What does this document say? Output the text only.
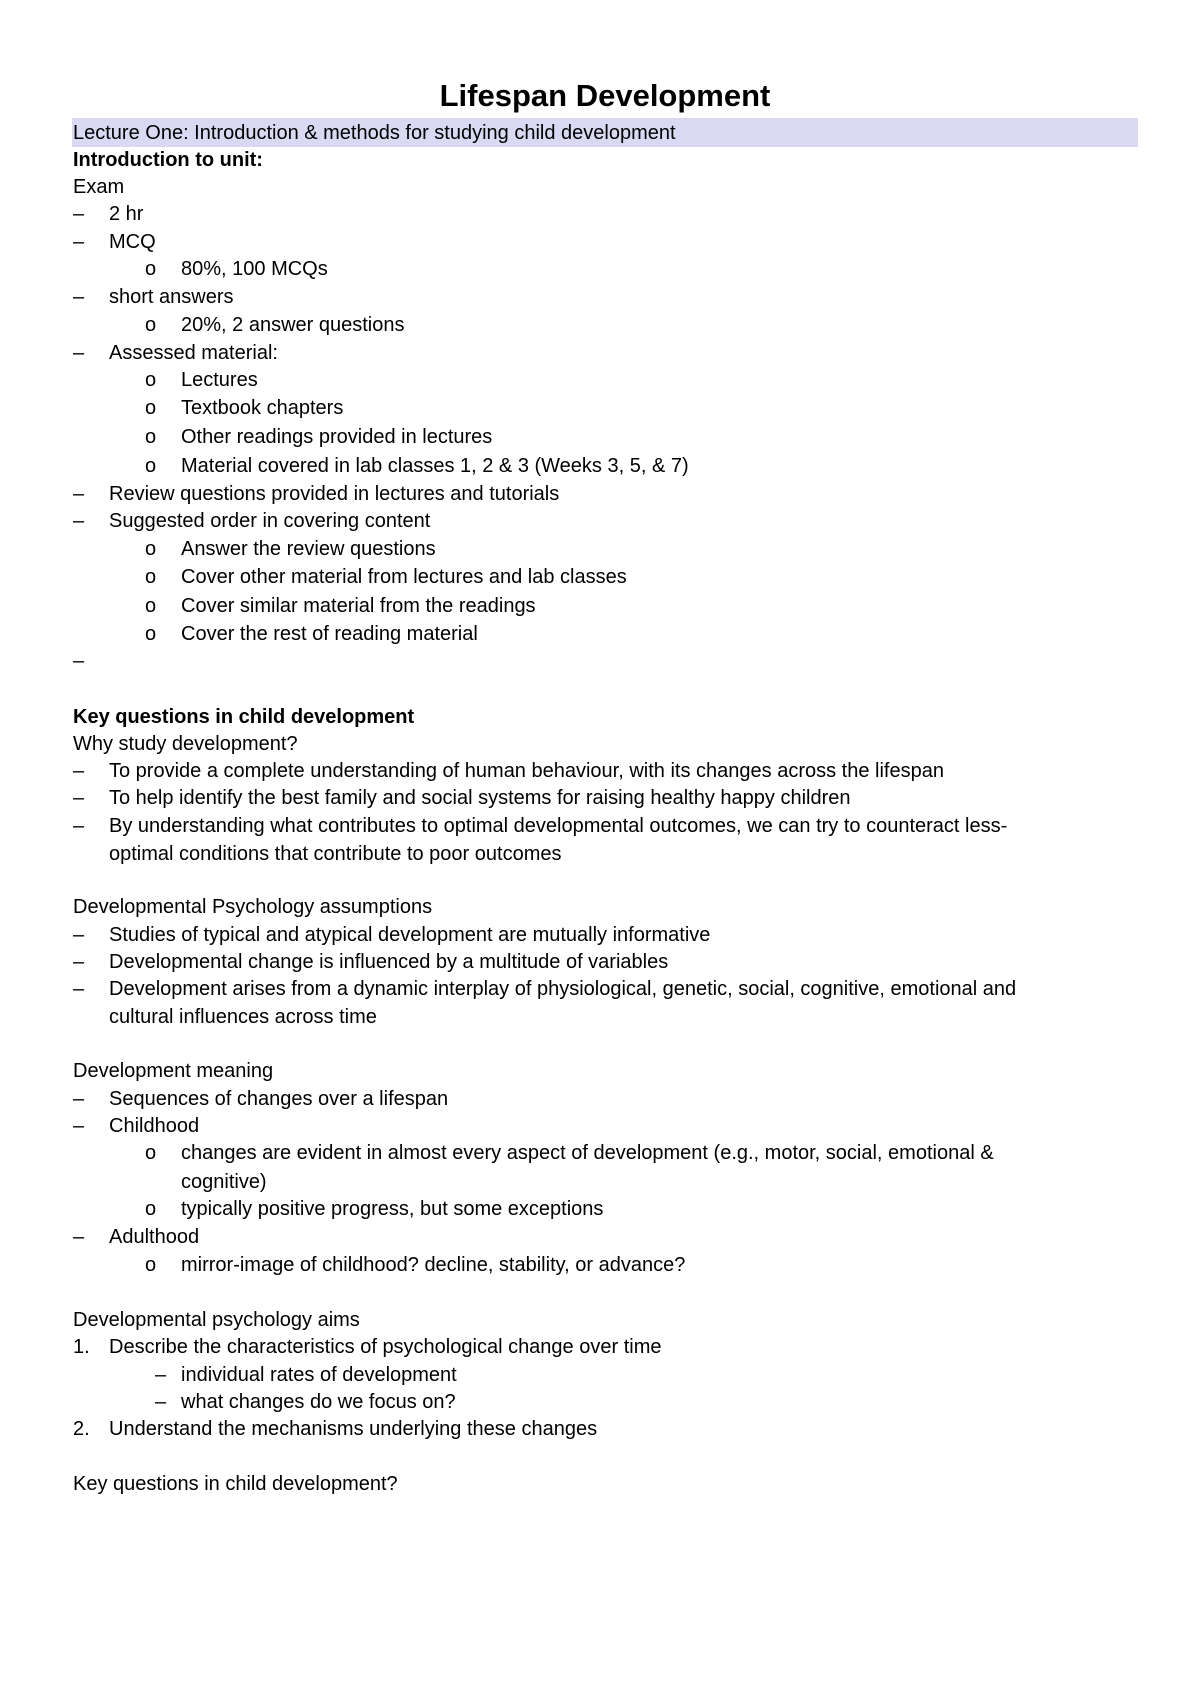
Lifespan Development
Lecture One: Introduction & methods for studying child development
Introduction to unit:
Exam
– 2 hr
– MCQ
o 80%, 100 MCQs
– short answers
o 20%, 2 answer questions
– Assessed material:
o Lectures
o Textbook chapters
o Other readings provided in lectures
o Material covered in lab classes 1, 2 & 3 (Weeks 3, 5, & 7)
– Review questions provided in lectures and tutorials
– Suggested order in covering content
o Answer the review questions
o Cover other material from lectures and lab classes
o Cover similar material from the readings
o Cover the rest of reading material
–
Key questions in child development
Why study development?
– To provide a complete understanding of human behaviour, with its changes across the lifespan
– To help identify the best family and social systems for raising healthy happy children
– By understanding what contributes to optimal developmental outcomes, we can try to counteract less-
optimal conditions that contribute to poor outcomes
Developmental Psychology assumptions
– Studies of typical and atypical development are mutually informative
– Developmental change is influenced by a multitude of variables
– Development arises from a dynamic interplay of physiological, genetic, social, cognitive, emotional and
cultural influences across time
Development meaning
– Sequences of changes over a lifespan
– Childhood
o changes are evident in almost every aspect of development (e.g., motor, social, emotional &
cognitive)
o typically positive progress, but some exceptions
– Adulthood
o mirror-image of childhood? decline, stability, or advance?
Developmental psychology aims
1. Describe the characteristics of psychological change over time
– individual rates of development
– what changes do we focus on?
2. Understand the mechanisms underlying these changes
Key questions in child development?
